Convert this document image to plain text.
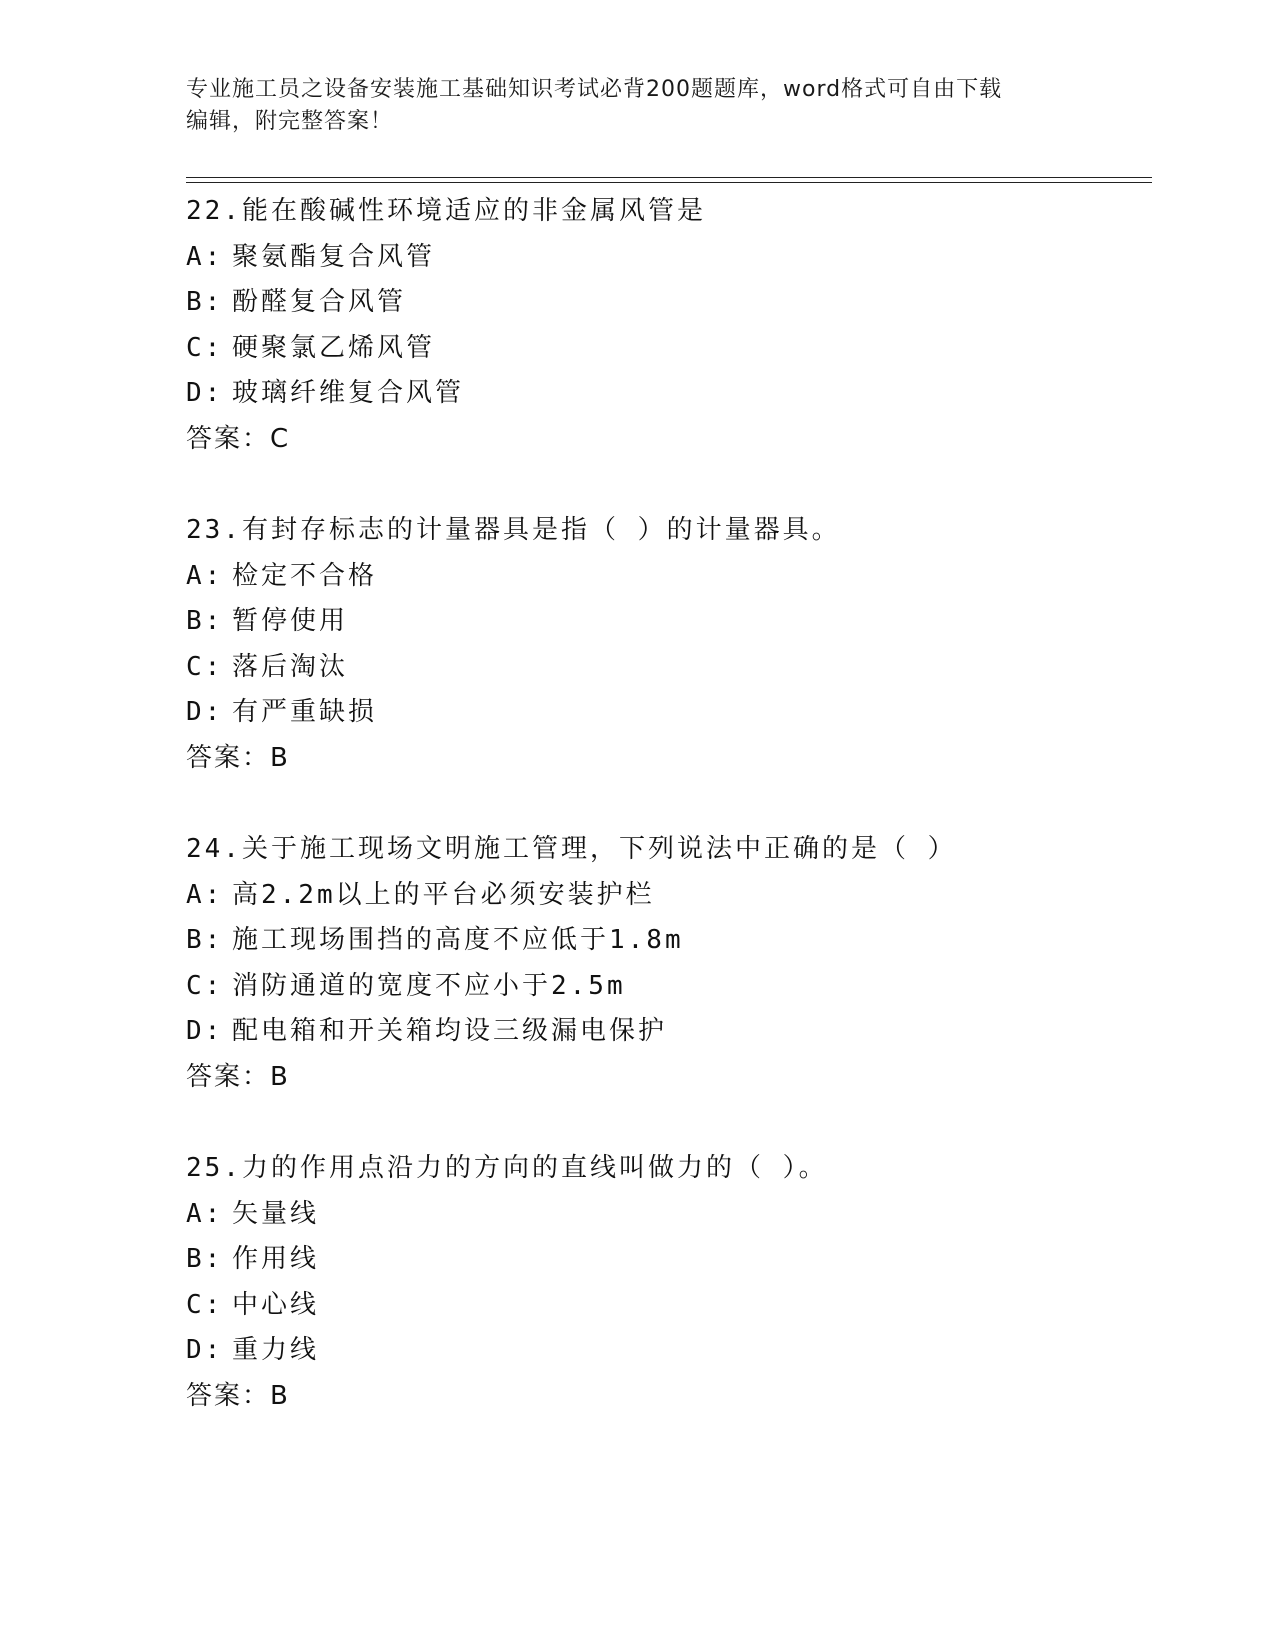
专业施工员之设备安装施工基础知识考试必背200题题库，word格式可自由下载
编辑，附完整答案！
22.能在酸碱性环境适应的非金属风管是
A: 聚氨酯复合风管
B: 酚醛复合风管
C: 硬聚氯乙烯风管
D: 玻璃纤维复合风管
答案：C
23.有封存标志的计量器具是指（ ）的计量器具。
A: 检定不合格
B: 暂停使用
C: 落后淘汰
D: 有严重缺损
答案：B
24.关于施工现场文明施工管理，下列说法中正确的是（ ）
A: 高2.2m以上的平台必须安装护栏
B: 施工现场围挡的高度不应低于1.8m
C: 消防通道的宽度不应小于2.5m
D: 配电箱和开关箱均设三级漏电保护
答案：B
25.力的作用点沿力的方向的直线叫做力的（ ）。
A: 矢量线
B: 作用线
C: 中心线
D: 重力线
答案：B
